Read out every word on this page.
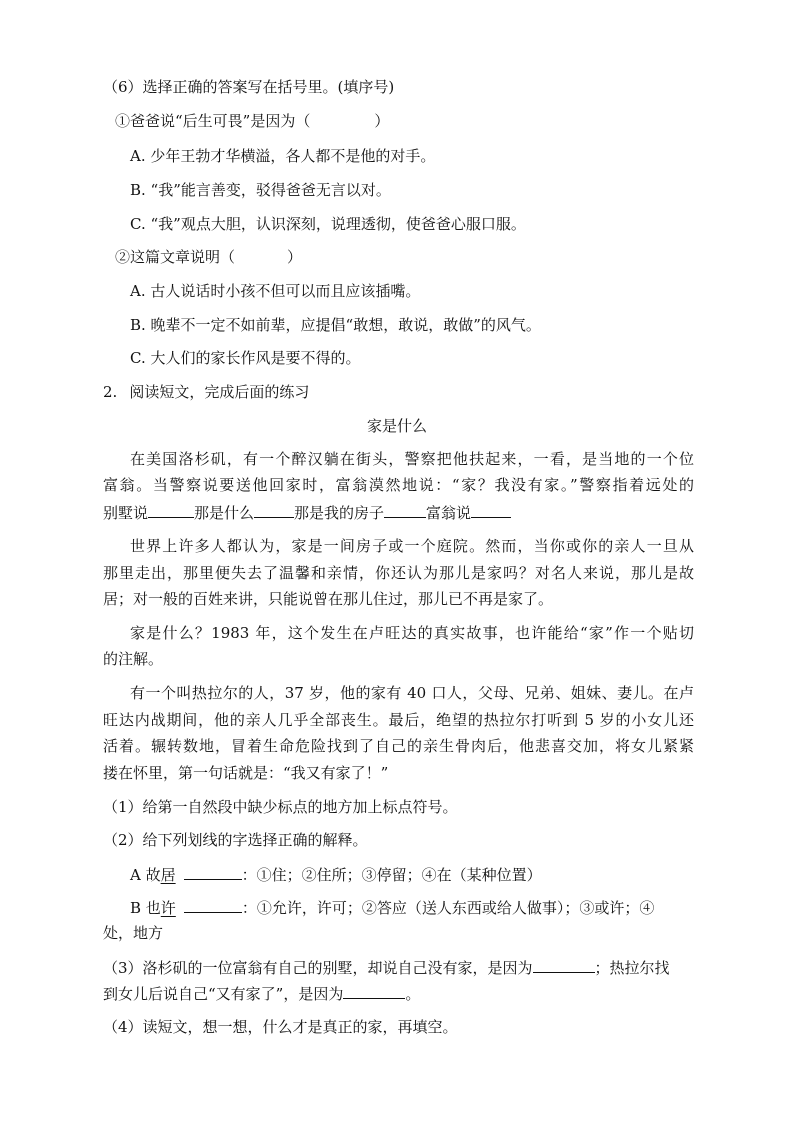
（6）选择正确的答案写在括号里。(填序号)
①爸爸说“后生可畏”是因为（	）
A. 少年王勃才华横溢，各人都不是他的对手。
B. “我”能言善变，驳得爸爸无言以对。
C. “我”观点大胆，认识深刻，说理透彻，使爸爸心服口服。
②这篇文章说明（	）
A. 古人说话时小孩不但可以而且应该插嘴。
B. 晚辈不一定不如前辈，应提倡“敢想，敢说，敢做”的风气。
C. 大人们的家长作风是要不得的。
2. 阅读短文，完成后面的练习
家是什么
在美国洛杉矶，有一个醉汉躺在街头，警察把他扶起来，一看，是当地的一个位
富翁。当警察说要送他回家时，富翁漠然地说：“家？我没有家。”警察指着远处的
别墅说	那是什么	那是我的房子	富翁说
世界上许多人都认为，家是一间房子或一个庭院。然而，当你或你的亲人一旦从
那里走出，那里便失去了温馨和亲情，你还认为那儿是家吗？对名人来说，那儿是故
居；对一般的百姓来讲，只能说曾在那儿住过，那儿已不再是家了。
家是什么？1983 年，这个发生在卢旺达的真实故事，也许能给“家”作一个贴切
的注解。
有一个叫热拉尔的人，37 岁，他的家有 40 口人，父母、兄弟、姐妹、妻儿。在卢
旺达内战期间，他的亲人几乎全部丧生。最后，绝望的热拉尔打听到 5 岁的小女儿还
活着。辗转数地，冒着生命危险找到了自己的亲生骨肉后，他悲喜交加，将女儿紧紧
搂在怀里，第一句话就是：“我又有家了！”
（1）给第一自然段中缺少标点的地方加上标点符号。
（2）给下列划线的字选择正确的解释。
A 故居	：①住；②住所；③停留；④在（某种位置）
B 也许	：①允许，许可；②答应（送人东西或给人做事）；③或许；④
处，地方
（3）洛杉矶的一位富翁有自己的别墅，却说自己没有家，是因为	；热拉尔找
到女儿后说自己“又有家了”，是因为	。
（4）读短文，想一想，什么才是真正的家，再填空。
